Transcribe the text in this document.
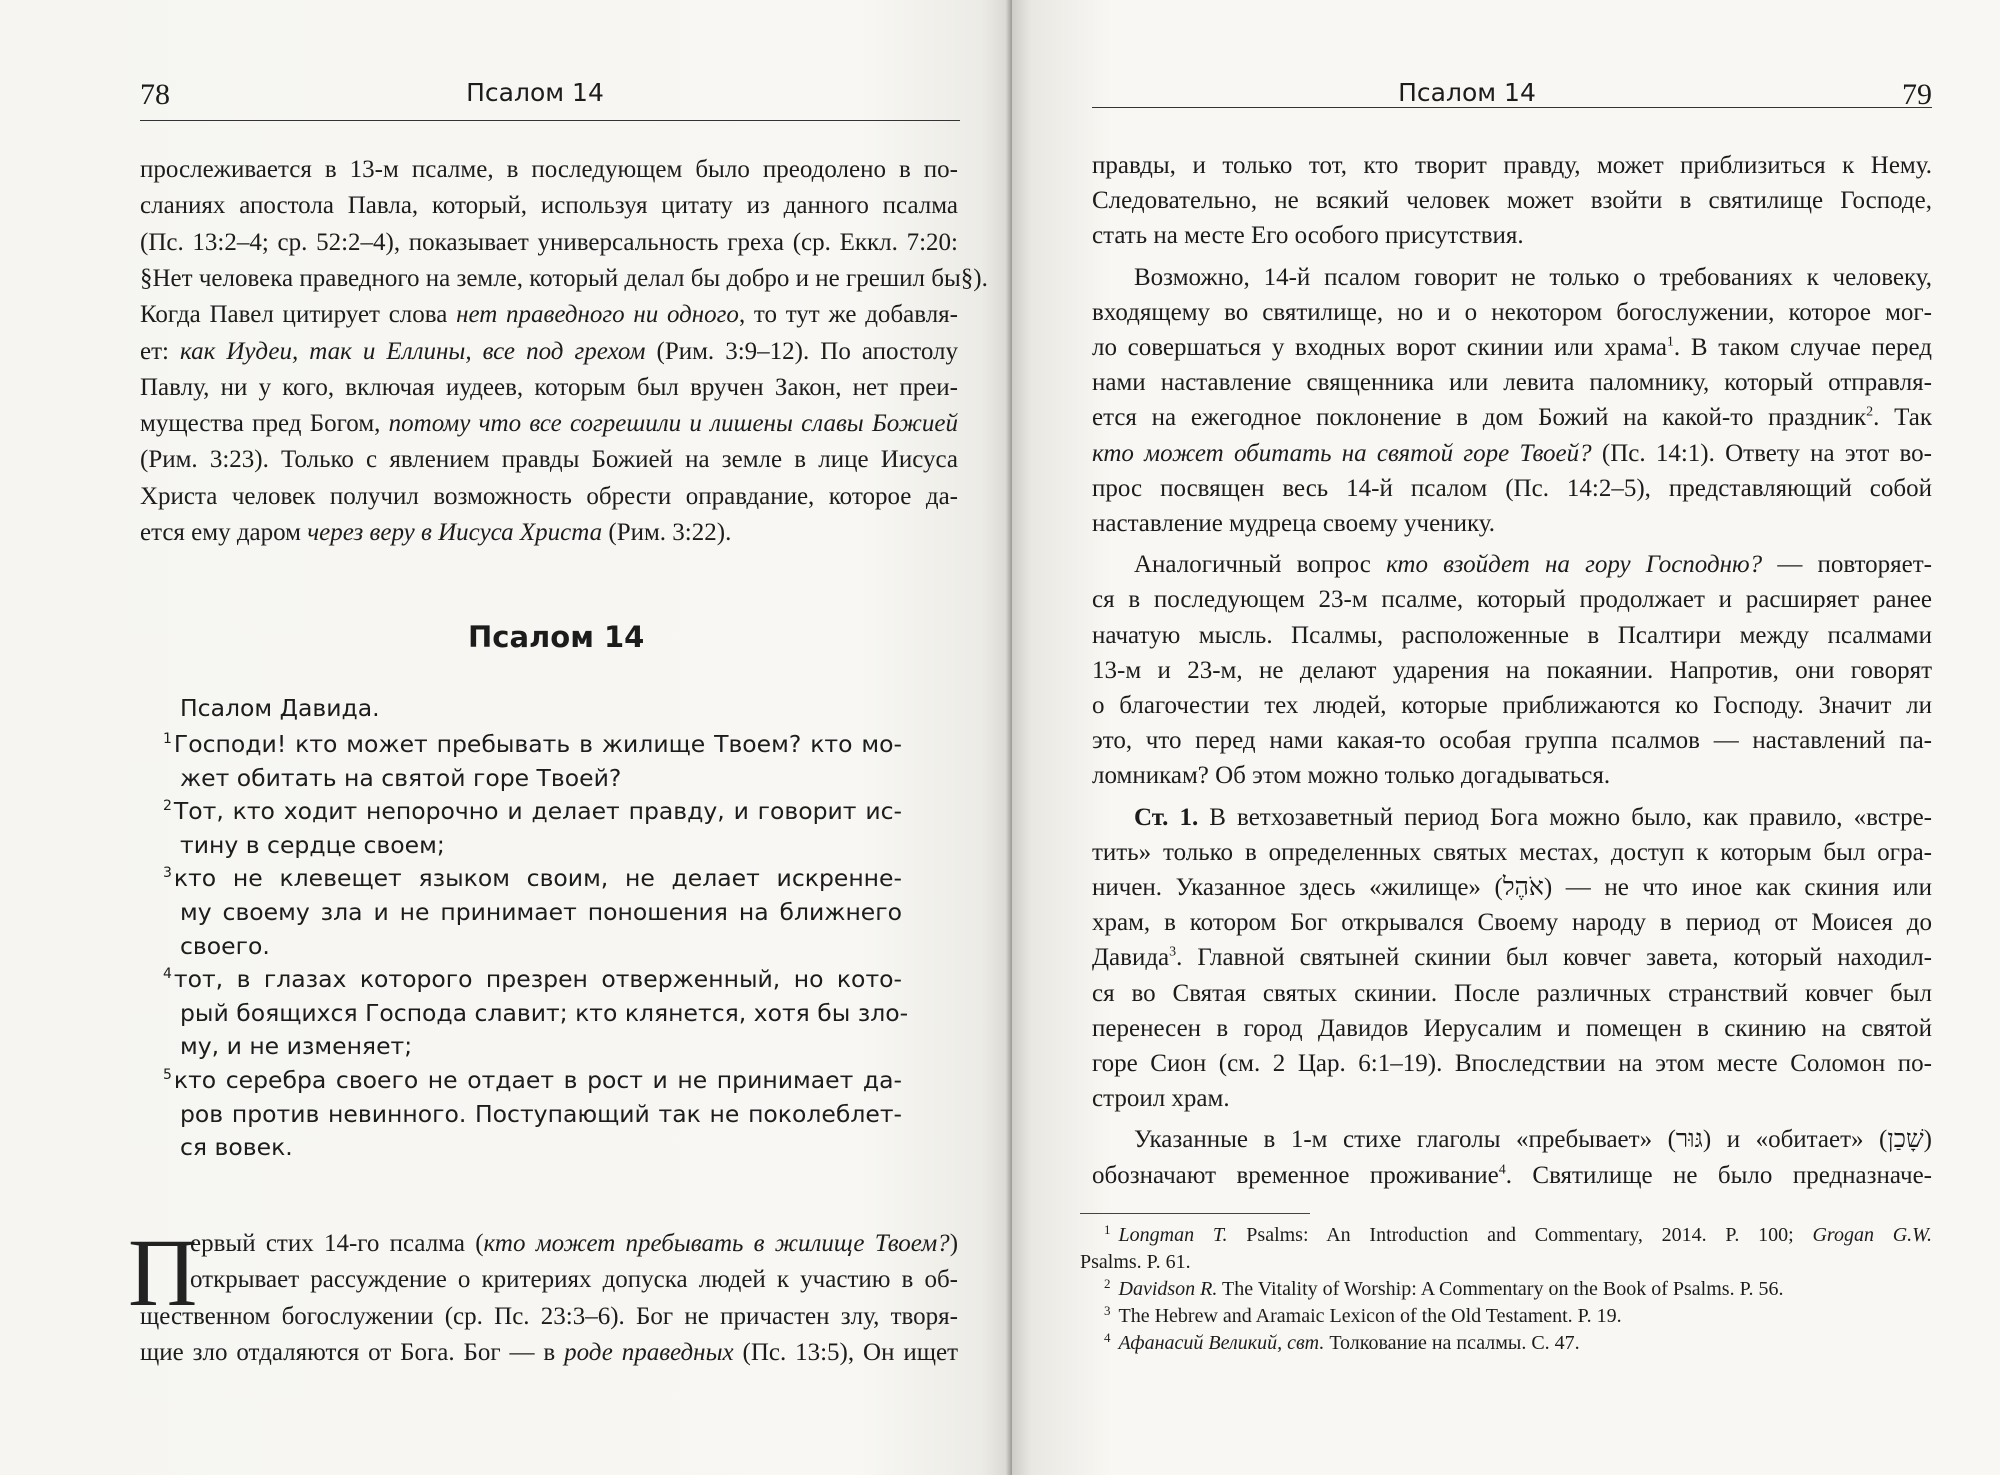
78	Псалом 14
прослеживается в 13-м псалме, в последующем было преодолено в по-
сланиях апостола Павла, который, используя цитату из данного псалма
(Пс. 13:2–4; ср. 52:2–4), показывает универсальность греха (ср. Еккл. 7:20:
§Нет человека праведного на земле, который делал бы добро и не грешил бы§).
Когда Павел цитирует слова нет праведного ни одного, то тут же добавля-
ет: как Иудеи, так и Еллины, все под грехом (Рим. 3:9–12). По апостолу
Павлу, ни у кого, включая иудеев, которым был вручен Закон, нет преи-
мущества пред Богом, потому что все согрешили и лишены славы Божией
(Рим. 3:23). Только с явлением правды Божией на земле в лице Иисуса
Христа человек получил возможность обрести оправдание, которое да-
ется ему даром через веру в Иисуса Христа (Рим. 3:22).
Псалом 14
Псалом Давида.
$^1$Господи! кто может пребывать в жилище Твоем? кто мо-
жет обитать на святой горе Твоей?
$^2$Тот, кто ходит непорочно и делает правду, и говорит ис-
тину в сердце своем;
$^3$кто не клевещет языком своим, не делает искренне-
му своему зла и не принимает поношения на ближнего
своего.
$^4$тот, в глазах которого презрен отверженный, но кото-
рый боящихся Господа славит; кто клянется, хотя бы зло-
му, и не изменяет;
$^5$кто серебра своего не отдает в рост и не принимает да-
ров против невинного. Поступающий так не поколеблет-
ся вовек.
П
ервый стих 14-го псалма (кто может пребывать в жилище Твоем?)
открывает рассуждение о критериях допуска людей к участию в об-
щественном богослужении (ср. Пс. 23:3–6). Бог не причастен злу, творя-
щие зло отдаляются от Бога. Бог — в роде праведных (Пс. 13:5), Он ищет
Псалом 14	79
правды, и только тот, кто творит правду, может приблизиться к Нему.
Следовательно, не всякий человек может взойти в святилище Господе,
стать на месте Его особого присутствия.
Возможно, 14-й псалом говорит не только о требованиях к человеку,
входящему во святилище, но и о некотором богослужении, которое мог-
ло совершаться у входных ворот скинии или храма$^1$. В таком случае перед
нами наставление священника или левита паломнику, который отправля-
ется на ежегодное поклонение в дом Божий на какой-то праздник$^2$. Так
кто может обитать на святой горе Твоей? (Пс. 14:1). Ответу на этот во-
прос посвящен весь 14-й псалом (Пс. 14:2–5), представляющий собой
наставление мудреца своему ученику.
Аналогичный вопрос кто взойдет на гору Господню? — повторяет-
ся в последующем 23-м псалме, который продолжает и расширяет ранее
начатую мысль. Псалмы, расположенные в Псалтири между псалмами
13-м и 23-м, не делают ударения на покаянии. Напротив, они говорят
о благочестии тех людей, которые приближаются ко Господу. Значит ли
это, что перед нами какая-то особая группа псалмов — наставлений па-
ломникам? Об этом можно только догадываться.
Ст. 1. В ветхозаветный период Бога можно было, как правило, «встре-
тить» только в определенных святых местах, доступ к которым был огра-
ничен. Указанное здесь «жилище» (אֹהֶל) — не что иное как скиния или
храм, в котором Бог открывался Своему народу в период от Моисея до
Давида$^3$. Главной святыней скинии был ковчег завета, который находил-
ся во Святая святых скинии. После различных странствий ковчег был
перенесен в город Давидов Иерусалим и помещен в скинию на святой
горе Сион (см. 2 Цар. 6:1–19). Впоследствии на этом месте Соломон по-
строил храм.
Указанные в 1-м стихе глаголы «пребывает» (גּוּר) и «обитает» (שָׁכַן)
обозначают временное проживание$^4$. Святилище не было предназначе-
$^1$ Longman T. Psalms: An Introduction and Commentary, 2014. P. 100; Grogan G.W.
Psalms. P. 61.
$^2$ Davidson R. The Vitality of Worship: A Commentary on the Book of Psalms. P. 56.
$^3$ The Hebrew and Aramaic Lexicon of the Old Testament. P. 19.
$^4$ Афанасий Великий, свт. Толкование на псалмы. С. 47.
